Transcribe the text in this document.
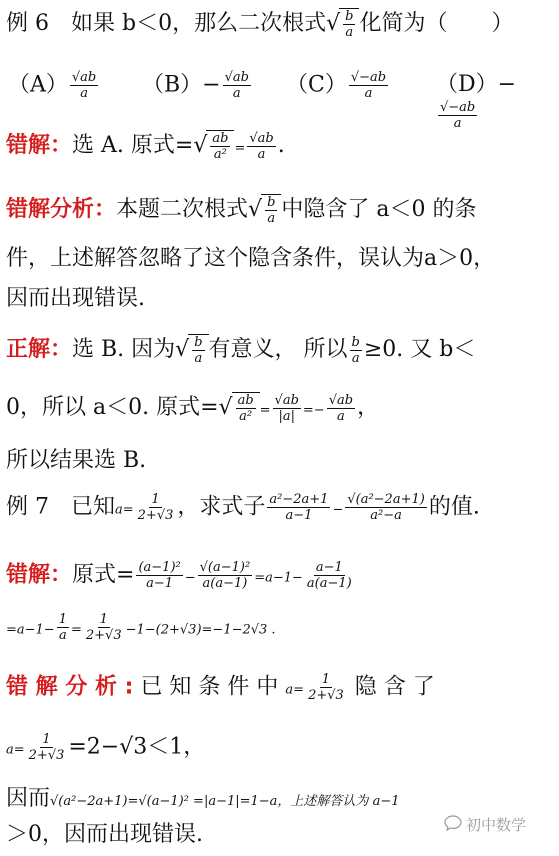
例 6　如果 b＜0，那么二次根式 √ $\frac{b}{a}$ 化简为（　　）
$(A) \frac{√ab}{a} (B)- \frac{√ab}{a} (C) \frac{√-ab}{a} (D)-$
$\frac{√-ab}{a}$
错解：选 A. 原式= √ $\frac{ab}{\text{a²}} = \frac{√ab}{a}$ .
错解分析：本题二次根式 √ $\frac{b}{a}$ 中隐含了 a＜0 的条
件，上述解答忽略了这个隐含条件，误认为a＞0，
因而出现错误.
正解：选 B. 因为 √ $\frac{b}{a}$ 有意义， 所以 $\frac{b}{a} \ge 0$. 又 b＜
0，所以 a＜0. 原式= √ $\frac{ab}{\text{a²}} = \frac{√ab}{|a|} =- \frac{√ab}{a}$ ，
所以结果选 B.
例 7　已知$a= \frac{1}{2+√3}$ ，求式子 $\frac{\text{a²−2a+1}}{a-1} - \frac{\text{√(a²−2a+1)}}{\text{a²−a}}$ 的值.
错解：原式= $\frac{\text{(a−1)²}}{a-1} - \frac{\text{√(a−1)²}}{a(a-1)} =a-1- \frac{a-1}{a(a-1)}$
$=a-1- \frac{1}{a} = \frac{1}{2+√3} -1-(2+√3)=-1-2√3$ .
错 解 分 析 : 已 知 条 件 中 $a= \frac{1}{2+√3}$ 隐 含 了
$a= \frac{1}{2+√3} =2-√3<1$，
因而√(a²−2a+1)=√(a−1)² =|a−1|=1−a，上述解答认为 a−1
＞0，因而出现错误.	初中数学
